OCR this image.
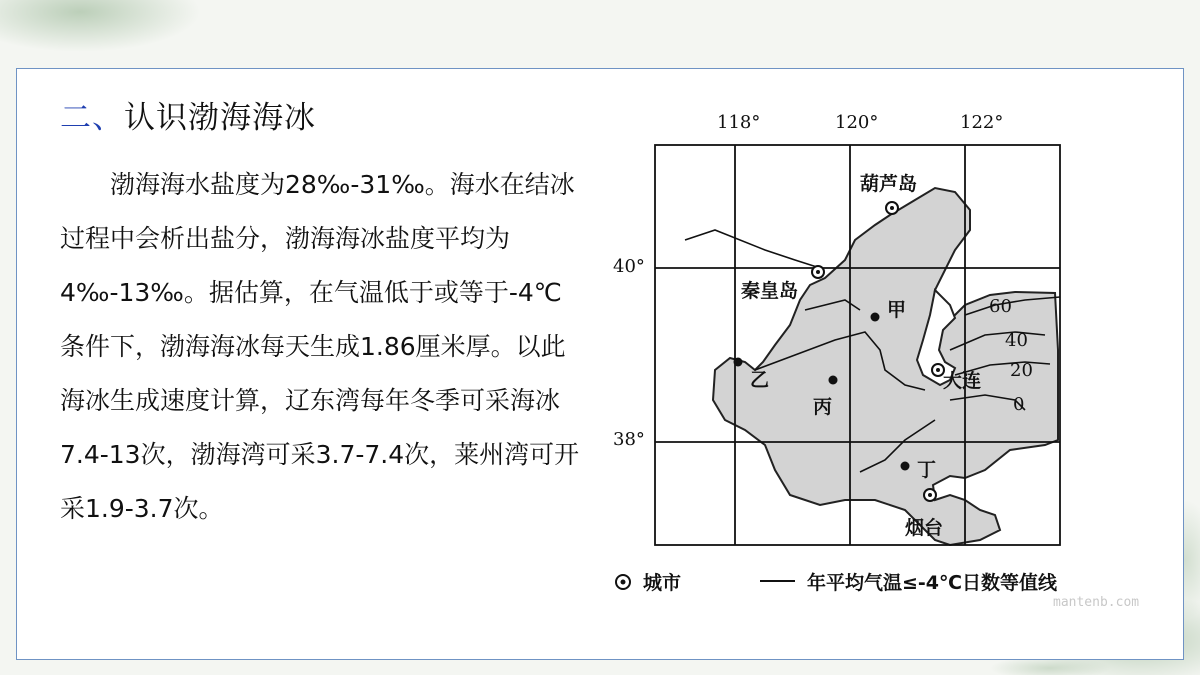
二、认识渤海海冰

渤海海水盐度为28‰-31‰。海水在结冰过程中会析出盐分，渤海海冰盐度平均为4‰-13‰。据估算，在气温低于或等于-4℃条件下，渤海海冰每天生成1.86厘米厚。以此海冰生成速度计算，辽东湾每年冬季可采海冰7.4-13次，渤海湾可采3.7-7.4次，莱州湾可开采1.9-3.7次。

118°	120°	122°
40°
38°
60
40
20
0
葫芦岛
秦皇岛
大连
烟台
甲
乙
丙
丁
城市	年平均气温≤-4℃日数等值线
mantenb.com
